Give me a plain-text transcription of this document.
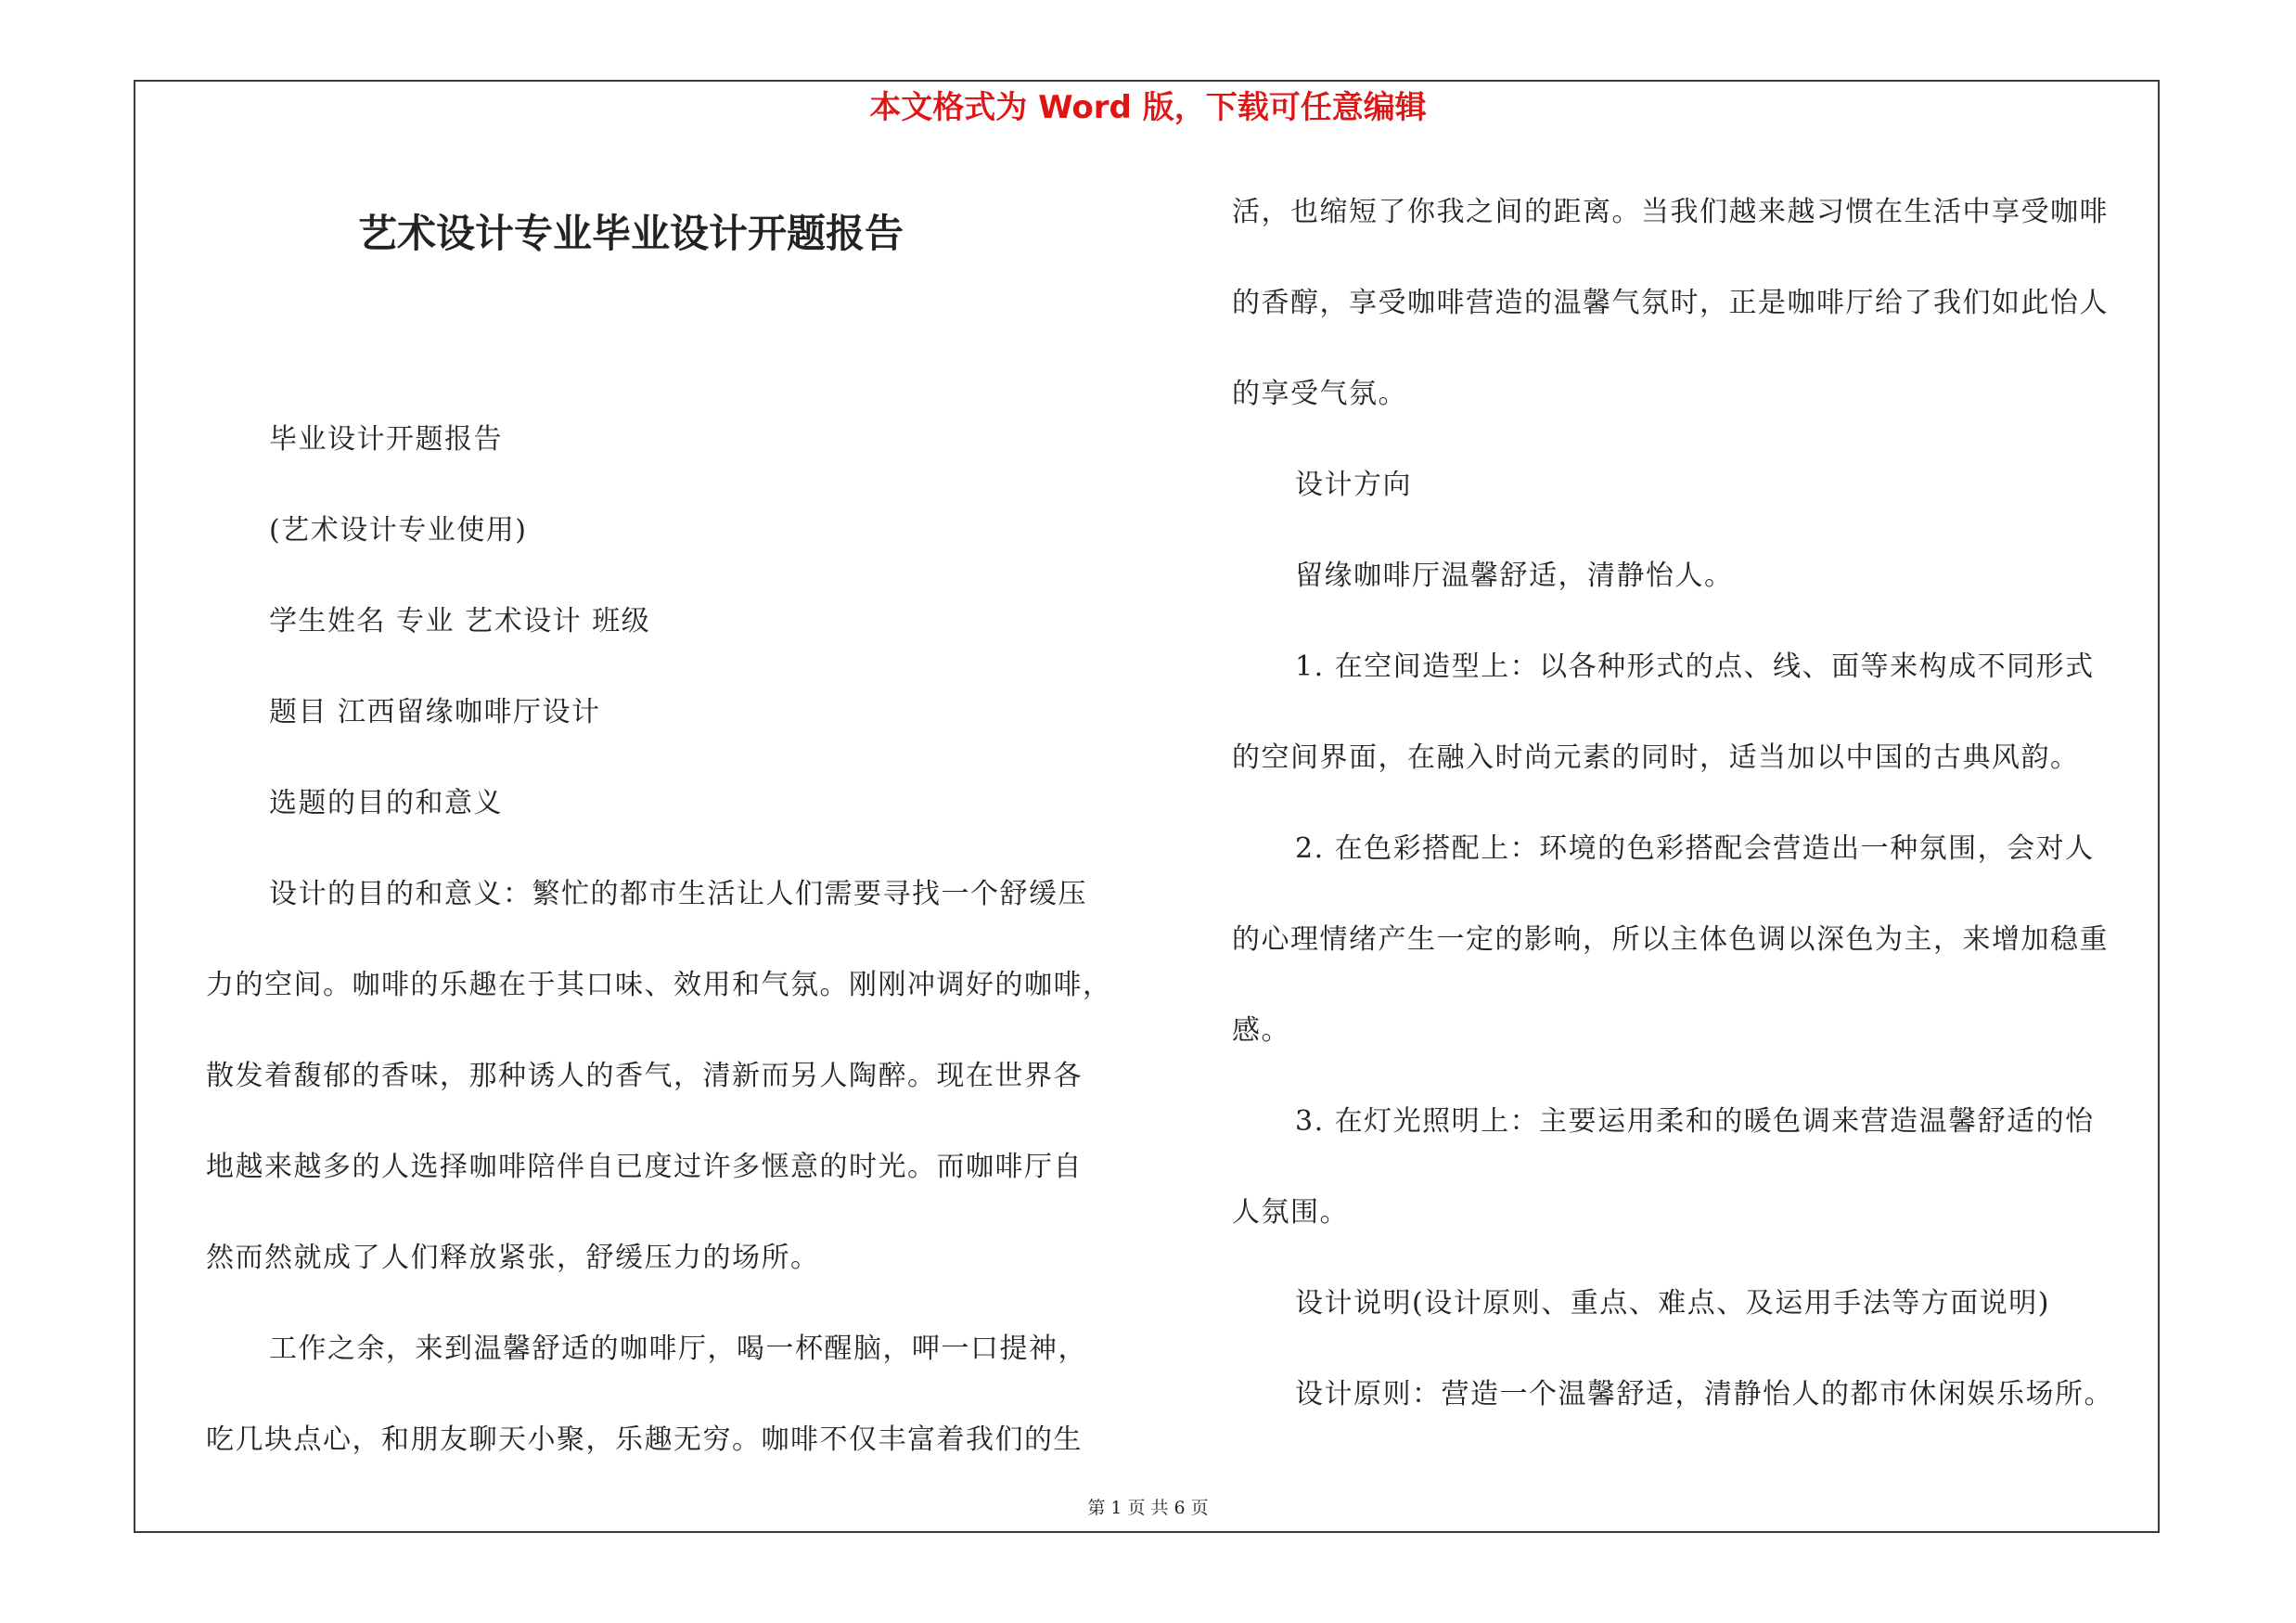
本文格式为 Word 版，下载可任意编辑
艺术设计专业毕业设计开题报告

毕业设计开题报告

(艺术设计专业使用)

学生姓名 专业 艺术设计 班级

题目 江西留缘咖啡厅设计

选题的目的和意义

设计的目的和意义：繁忙的都市生活让人们需要寻找一个舒缓压

力的空间。咖啡的乐趣在于其口味、效用和气氛。刚刚冲调好的咖啡，

散发着馥郁的香味，那种诱人的香气，清新而另人陶醉。现在世界各

地越来越多的人选择咖啡陪伴自已度过许多惬意的时光。而咖啡厅自

然而然就成了人们释放紧张，舒缓压力的场所。

工作之余，来到温馨舒适的咖啡厅，喝一杯醒脑，呷一口提神，

吃几块点心，和朋友聊天小聚，乐趣无穷。咖啡不仅丰富着我们的生

活，也缩短了你我之间的距离。当我们越来越习惯在生活中享受咖啡

的香醇，享受咖啡营造的温馨气氛时，正是咖啡厅给了我们如此怡人

的享受气氛。

设计方向

留缘咖啡厅温馨舒适，清静怡人。

1. 在空间造型上：以各种形式的点、线、面等来构成不同形式

的空间界面，在融入时尚元素的同时，适当加以中国的古典风韵。

2. 在色彩搭配上：环境的色彩搭配会营造出一种氛围，会对人

的心理情绪产生一定的影响，所以主体色调以深色为主，来增加稳重

感。

3. 在灯光照明上：主要运用柔和的暖色调来营造温馨舒适的怡

人氛围。

设计说明(设计原则、重点、难点、及运用手法等方面说明)

设计原则：营造一个温馨舒适，清静怡人的都市休闲娱乐场所。

第 1 页 共 6 页
